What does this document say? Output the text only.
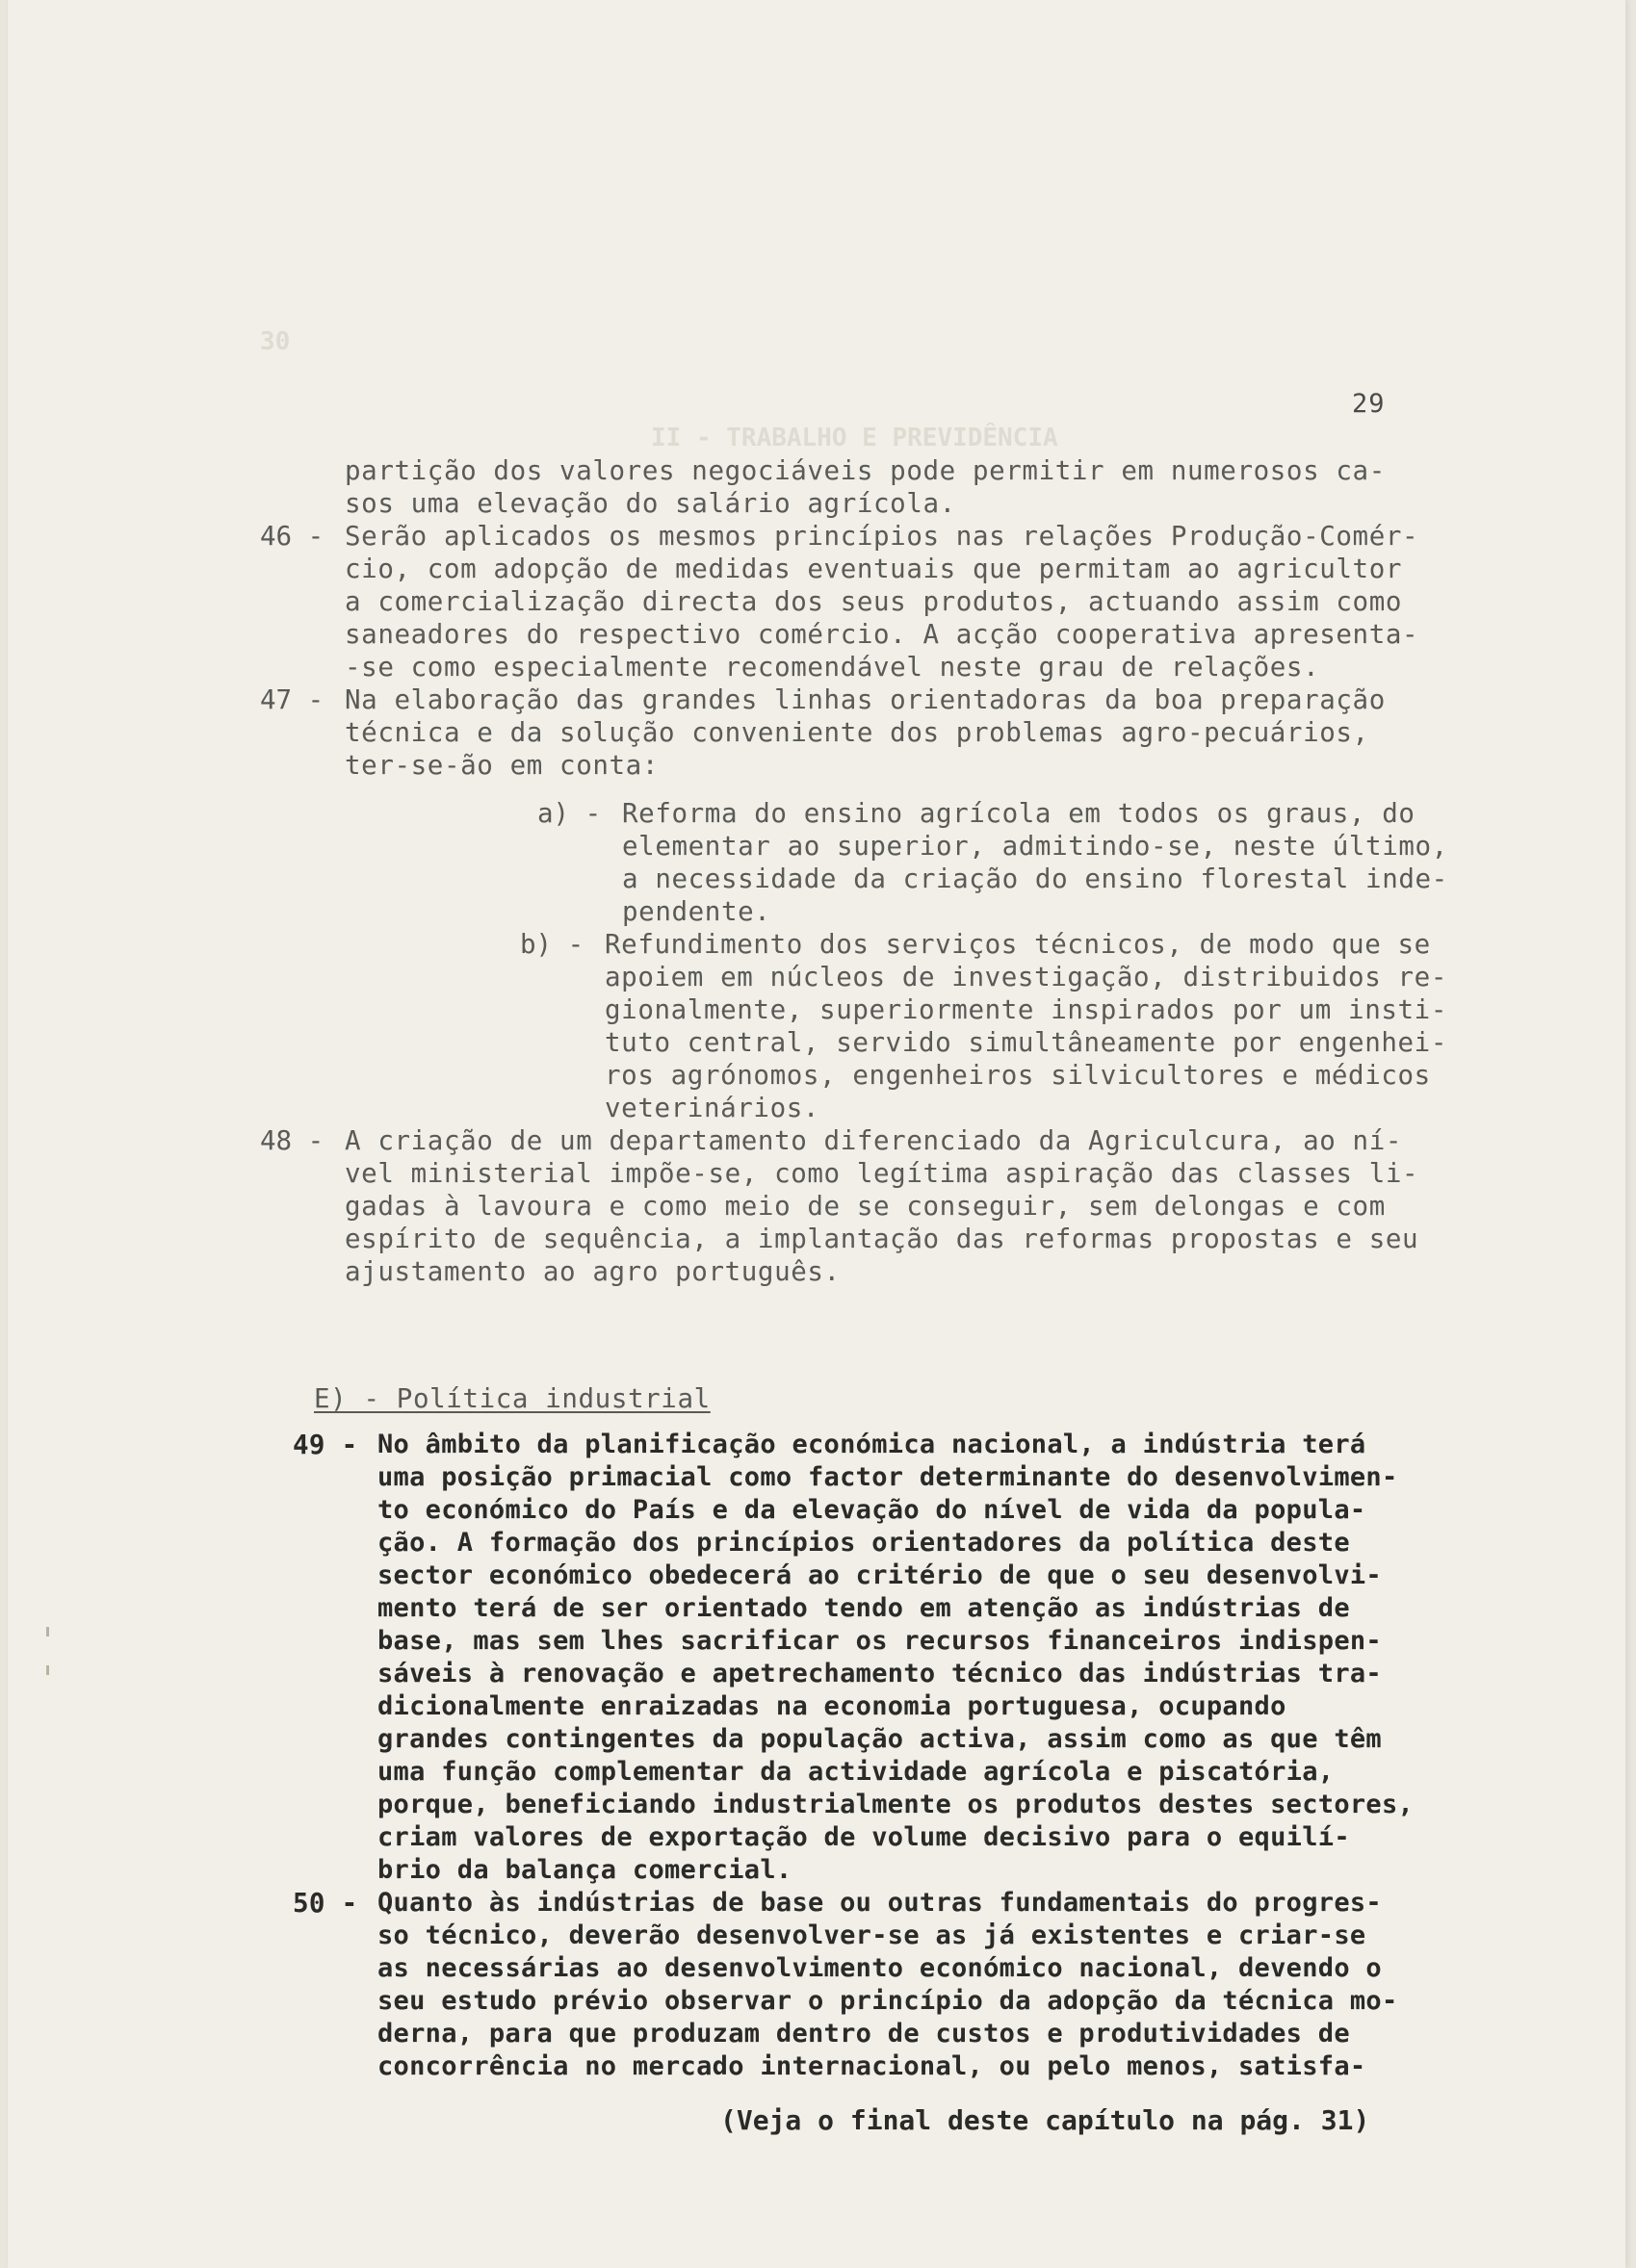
30
II - TRABALHO E PREVIDÊNCIA
29
partição dos valores negociáveis pode permitir em numerosos ca-
sos uma elevação do salário agrícola.
46 - Serão aplicados os mesmos princípios nas relações Produção-Comér-
cio, com adopção de medidas eventuais que permitam ao agricultor
a comercialização directa dos seus produtos, actuando assim como
saneadores do respectivo comércio. A acção cooperativa apresenta-
-se como especialmente recomendável neste grau de relações.
47 - Na elaboração das grandes linhas orientadoras da boa preparação
técnica e da solução conveniente dos problemas agro-pecuários,
ter-se-ão em conta:
a) - Reforma do ensino agrícola em todos os graus, do
elementar ao superior, admitindo-se, neste último,
a necessidade da criação do ensino florestal inde-
pendente.
b) - Refundimento dos serviços técnicos, de modo que se
apoiem em núcleos de investigação, distribuidos re-
gionalmente, superiormente inspirados por um insti-
tuto central, servido simultâneamente por engenhei-
ros agrónomos, engenheiros silvicultores e médicos
veterinários.
48 - A criação de um departamento diferenciado da Agriculcura, ao ní-
vel ministerial impõe-se, como legítima aspiração das classes li-
gadas à lavoura e como meio de se conseguir, sem delongas e com
espírito de sequência, a implantação das reformas propostas e seu
ajustamento ao agro português.
E) - Política industrial
49 - No âmbito da planificação económica nacional, a indústria terá
uma posição primacial como factor determinante do desenvolvimen-
to económico do País e da elevação do nível de vida da popula-
ção. A formação dos princípios orientadores da política deste
sector económico obedecerá ao critério de que o seu desenvolvi-
mento terá de ser orientado tendo em atenção as indústrias de
base, mas sem lhes sacrificar os recursos financeiros indispen-
sáveis à renovação e apetrechamento técnico das indústrias tra-
dicionalmente enraizadas na economia portuguesa, ocupando
grandes contingentes da população activa, assim como as que têm
uma função complementar da actividade agrícola e piscatória,
porque, beneficiando industrialmente os produtos destes sectores,
criam valores de exportação de volume decisivo para o equilí-
brio da balança comercial.
50 - Quanto às indústrias de base ou outras fundamentais do progres-
so técnico, deverão desenvolver-se as já existentes e criar-se
as necessárias ao desenvolvimento económico nacional, devendo o
seu estudo prévio observar o princípio da adopção da técnica mo-
derna, para que produzam dentro de custos e produtividades de
concorrência no mercado internacional, ou pelo menos, satisfa-
(Veja o final deste capítulo na pág. 31)
